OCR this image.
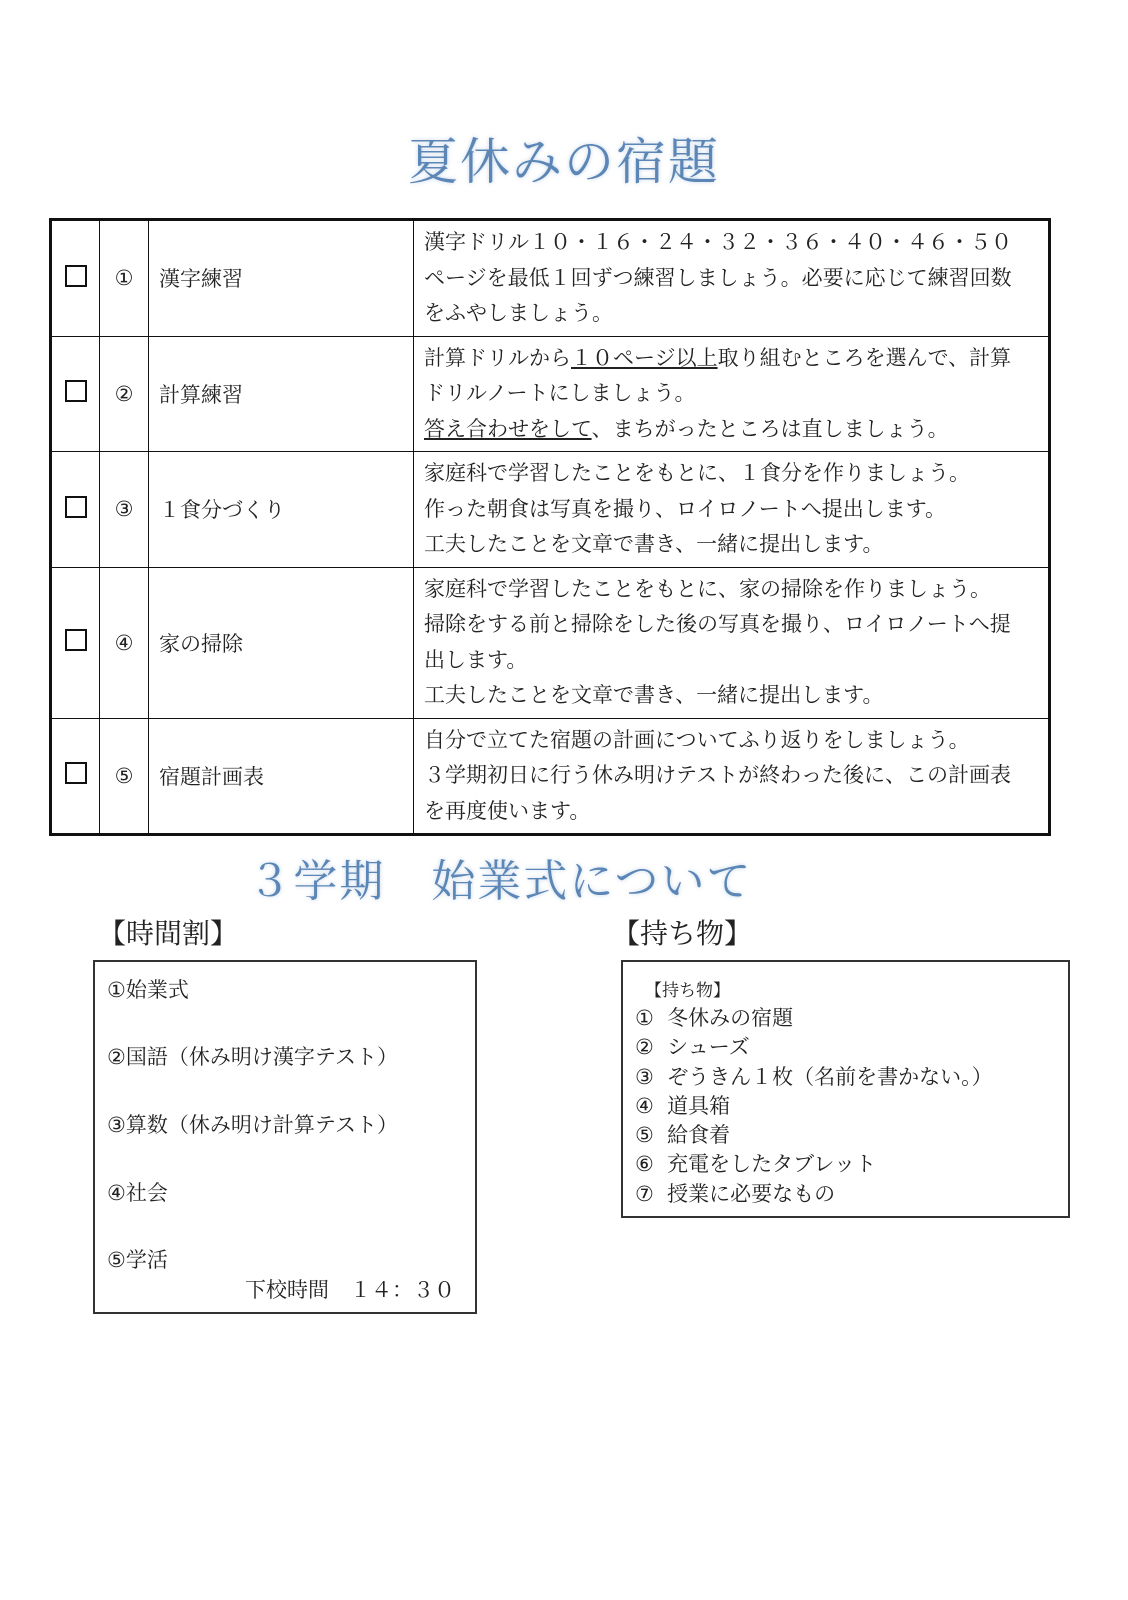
夏休みの宿題
	①	漢字練習	漢字ドリル１０・１６・２４・３２・３６・４０・４６・５０
ページを最低１回ずつ練習しましょう。必要に応じて練習回数
をふやしましょう。

	②	計算練習	計算ドリルから１０ページ以上取り組むところを選んで、計算
ドリルノートにしましょう。
答え合わせをして、まちがったところは直しましょう。

	③	１食分づくり	家庭科で学習したことをもとに、１食分を作りましょう。
作った朝食は写真を撮り、ロイロノートへ提出します。
工夫したことを文章で書き、一緒に提出します。

	④	家の掃除	家庭科で学習したことをもとに、家の掃除を作りましょう。
掃除をする前と掃除をした後の写真を撮り、ロイロノートへ提
出します。
工夫したことを文章で書き、一緒に提出します。

	⑤	宿題計画表	自分で立てた宿題の計画についてふり返りをしましょう。
３学期初日に行う休み明けテストが終わった後に、この計画表
を再度使います。
３学期　始業式について
【時間割】	【持ち物】
①始業式
②国語（休み明け漢字テスト）
③算数（休み明け計算テスト）
④社会
⑤学活
下校時間　１４：３０
【持ち物】
①  冬休みの宿題
②  シューズ
③  ぞうきん１枚（名前を書かない。）
④  道具箱
⑤  給食着
⑥  充電をしたタブレット
⑦  授業に必要なもの
